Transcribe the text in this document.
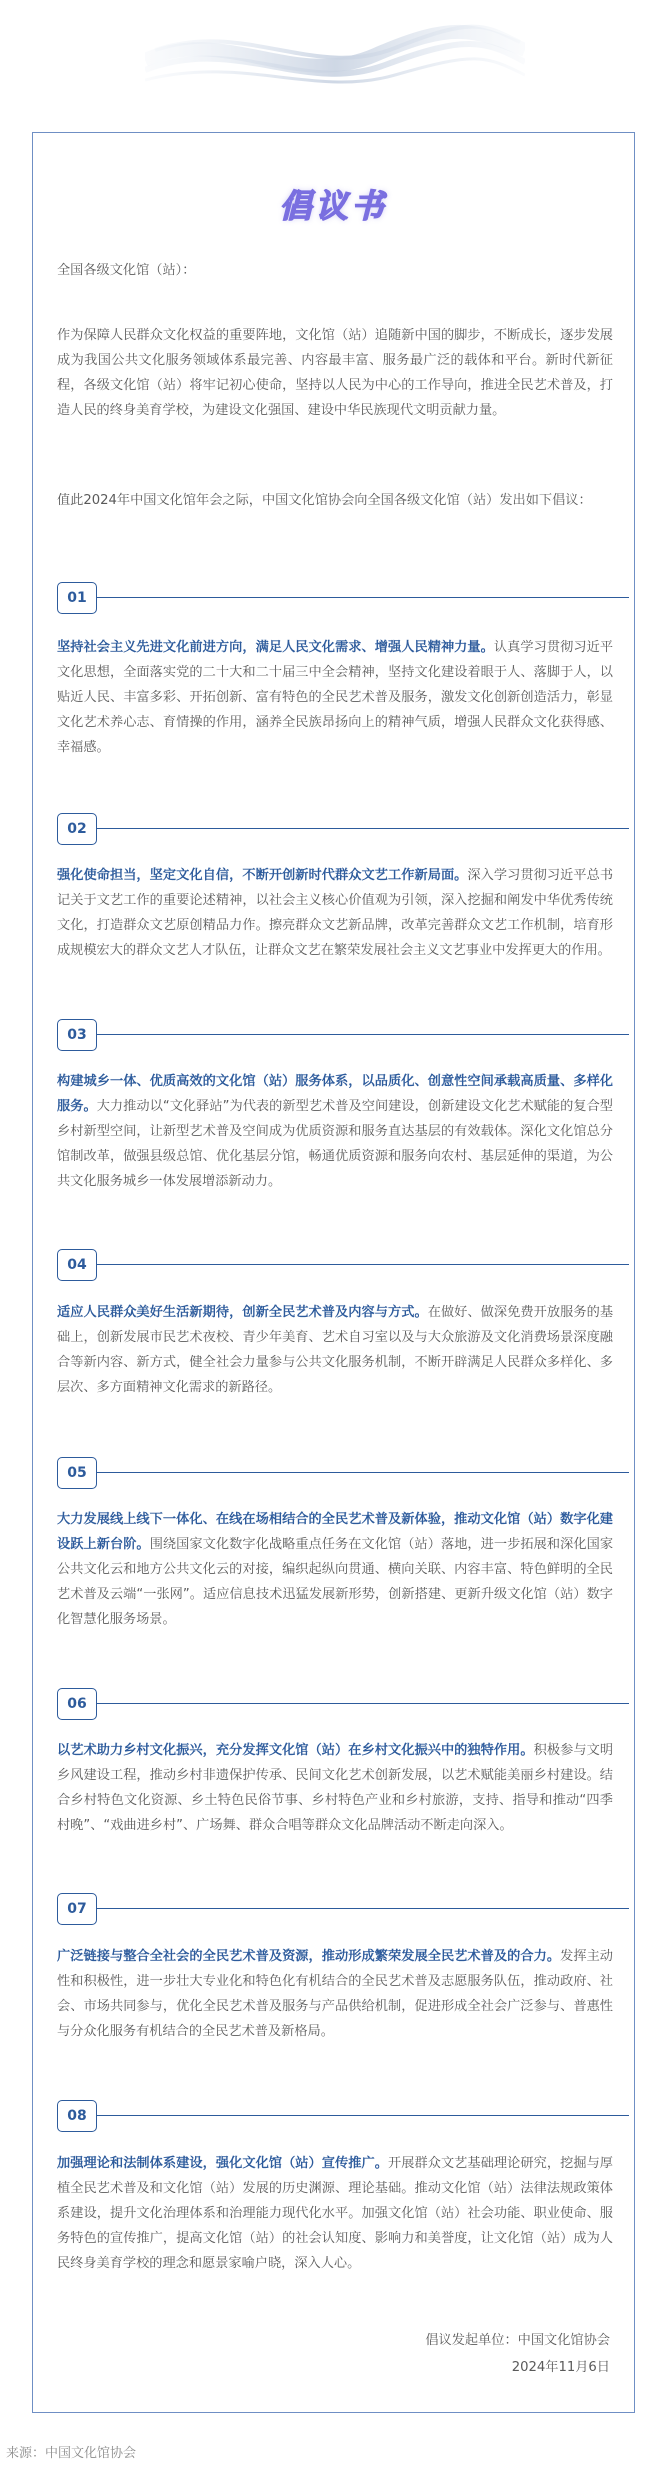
倡议书
全国各级文化馆（站）：
作为保障人民群众文化权益的重要阵地，文化馆（站）追随新中国的脚步，不断成长，逐步发展成为我国公共文化服务领域体系最完善、内容最丰富、服务最广泛的载体和平台。新时代新征程，各级文化馆（站）将牢记初心使命，坚持以人民为中心的工作导向，推进全民艺术普及，打造人民的终身美育学校，为建设文化强国、建设中华民族现代文明贡献力量。
值此2024年中国文化馆年会之际，中国文化馆协会向全国各级文化馆（站）发出如下倡议：
01
坚持社会主义先进文化前进方向，满足人民文化需求、增强人民精神力量。认真学习贯彻习近平文化思想，全面落实党的二十大和二十届三中全会精神，坚持文化建设着眼于人、落脚于人，以贴近人民、丰富多彩、开拓创新、富有特色的全民艺术普及服务，激发文化创新创造活力，彰显文化艺术养心志、育情操的作用，涵养全民族昂扬向上的精神气质，增强人民群众文化获得感、幸福感。
02
强化使命担当，坚定文化自信，不断开创新时代群众文艺工作新局面。深入学习贯彻习近平总书记关于文艺工作的重要论述精神，以社会主义核心价值观为引领，深入挖掘和阐发中华优秀传统文化，打造群众文艺原创精品力作。擦亮群众文艺新品牌，改革完善群众文艺工作机制，培育形成规模宏大的群众文艺人才队伍，让群众文艺在繁荣发展社会主义文艺事业中发挥更大的作用。
03
构建城乡一体、优质高效的文化馆（站）服务体系，以品质化、创意性空间承载高质量、多样化服务。大力推动以“文化驿站”为代表的新型艺术普及空间建设，创新建设文化艺术赋能的复合型乡村新型空间，让新型艺术普及空间成为优质资源和服务直达基层的有效载体。深化文化馆总分馆制改革，做强县级总馆、优化基层分馆，畅通优质资源和服务向农村、基层延伸的渠道，为公共文化服务城乡一体发展增添新动力。
04
适应人民群众美好生活新期待，创新全民艺术普及内容与方式。在做好、做深免费开放服务的基础上，创新发展市民艺术夜校、青少年美育、艺术自习室以及与大众旅游及文化消费场景深度融合等新内容、新方式，健全社会力量参与公共文化服务机制，不断开辟满足人民群众多样化、多层次、多方面精神文化需求的新路径。
05
大力发展线上线下一体化、在线在场相结合的全民艺术普及新体验，推动文化馆（站）数字化建设跃上新台阶。围绕国家文化数字化战略重点任务在文化馆（站）落地，进一步拓展和深化国家公共文化云和地方公共文化云的对接，编织起纵向贯通、横向关联、内容丰富、特色鲜明的全民艺术普及云端“一张网”。适应信息技术迅猛发展新形势，创新搭建、更新升级文化馆（站）数字化智慧化服务场景。
06
以艺术助力乡村文化振兴，充分发挥文化馆（站）在乡村文化振兴中的独特作用。积极参与文明乡风建设工程，推动乡村非遗保护传承、民间文化艺术创新发展，以艺术赋能美丽乡村建设。结合乡村特色文化资源、乡土特色民俗节事、乡村特色产业和乡村旅游，支持、指导和推动“四季村晚”、“戏曲进乡村”、广场舞、群众合唱等群众文化品牌活动不断走向深入。
07
广泛链接与整合全社会的全民艺术普及资源，推动形成繁荣发展全民艺术普及的合力。发挥主动性和积极性，进一步壮大专业化和特色化有机结合的全民艺术普及志愿服务队伍，推动政府、社会、市场共同参与，优化全民艺术普及服务与产品供给机制，促进形成全社会广泛参与、普惠性与分众化服务有机结合的全民艺术普及新格局。
08
加强理论和法制体系建设，强化文化馆（站）宣传推广。开展群众文艺基础理论研究，挖掘与厚植全民艺术普及和文化馆（站）发展的历史渊源、理论基础。推动文化馆（站）法律法规政策体系建设，提升文化治理体系和治理能力现代化水平。加强文化馆（站）社会功能、职业使命、服务特色的宣传推广，提高文化馆（站）的社会认知度、影响力和美誉度，让文化馆（站）成为人民终身美育学校的理念和愿景家喻户晓，深入人心。
倡议发起单位：中国文化馆协会
2024年11月6日
来源：中国文化馆协会
